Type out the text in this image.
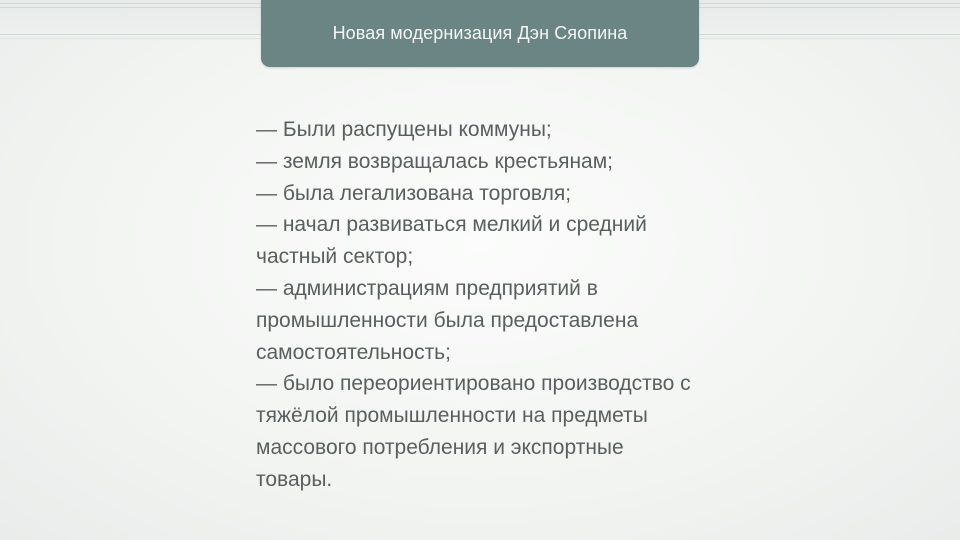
Новая модернизация Дэн Сяопина
— Были распущены коммуны;
— земля возвращалась крестьянам;
— была легализована торговля;
— начал развиваться мелкий и средний
частный сектор;
— администрациям предприятий в
промышленности была предоставлена
самостоятельность;
— было переориентировано производство с
тяжёлой промышленности на предметы
массового потребления и экспортные
товары.
